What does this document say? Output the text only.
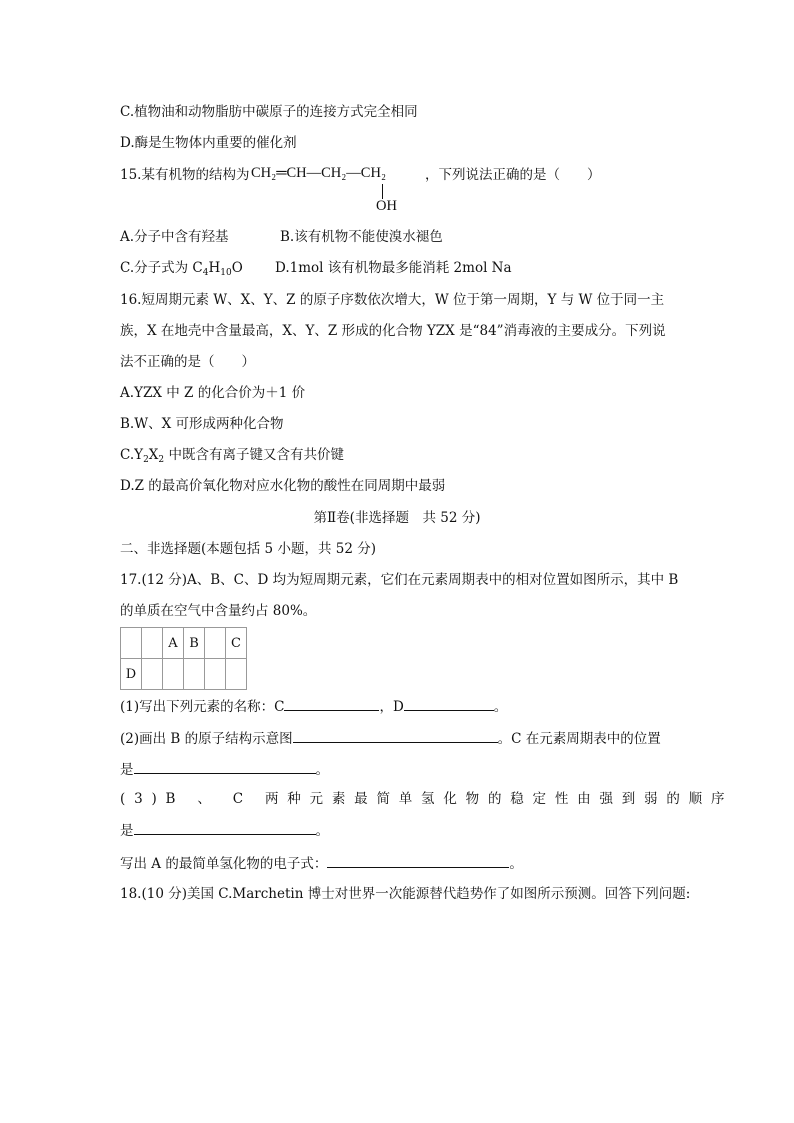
C.植物油和动物脂肪中碳原子的连接方式完全相同
D.酶是生物体内重要的催化剂
15.某有机物的结构为 CH₂═CH—CH₂—CH₂	，下列说法正确的是（　　）
OH
A.分子中含有羟基	B.该有机物不能使溴水褪色
C.分子式为 $C_4H_{10}O$ D.1mol 该有机物最多能消耗 2mol Na
16.短周期元素 W、X、Y、Z 的原子序数依次增大，W 位于第一周期，Y 与 W 位于同一主
族，X 在地壳中含量最高，X、Y、Z 形成的化合物 YZX 是“84”消毒液的主要成分。下列说
法不正确的是（　　）
A.YZX 中 Z 的化合价为＋1 价
B.W、X 可形成两种化合物
$C.Y_2X_2$ 中既含有离子键又含有共价键
D.Z 的最高价氧化物对应水化物的酸性在同周期中最弱
第Ⅱ卷(非选择题　共 52 分)
二、非选择题(本题包括 5 小题，共 52 分)
17.(12 分)A、B、C、D 均为短周期元素，它们在元素周期表中的相对位置如图所示，其中 B
的单质在空气中含量约占 80%。
		A	B		C
D					
(1)写出下列元素的名称：C	，D	。
(2)画出 B 的原子结构示意图	。C 在元素周期表中的位置
是	。
(3)B 、 C 两种元素最简单氢化物的稳定性由强到弱的顺序
是	。
写出 A 的最简单氢化物的电子式：	。
18.(10 分)美国 C.Marchetin 博士对世界一次能源替代趋势作了如图所示预测。回答下列问题:
